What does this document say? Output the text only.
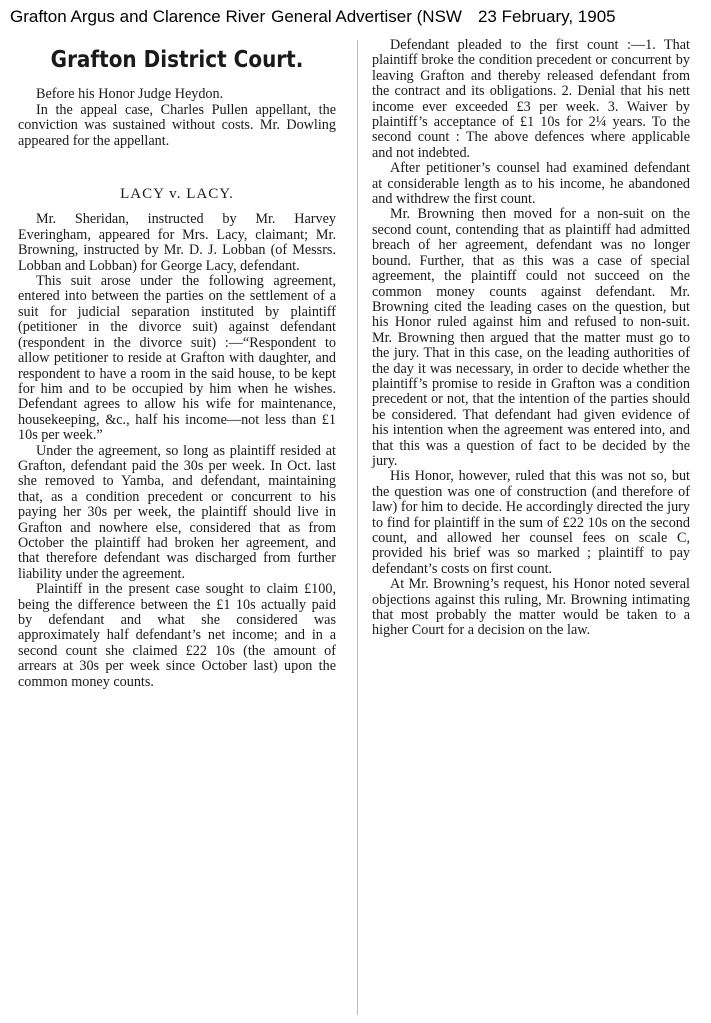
Grafton Argus and Clarence River General Advertiser (NSW 23 February, 1905
Grafton District Court.

Before his Honor Judge Heydon.

In the appeal case, Charles Pullen appellant, the conviction was sustained without costs. Mr. Dowling appeared for the appellant.

LACY v. LACY.

Mr. Sheridan, instructed by Mr. Harvey Everingham, appeared for Mrs. Lacy, claimant; Mr. Browning, instructed by Mr. D. J. Lobban (of Messrs. Lobban and Lobban) for George Lacy, defendant.

This suit arose under the following agreement, entered into between the parties on the settlement of a suit for judicial separation instituted by plaintiff (petitioner in the divorce suit) against defendant (respondent in the divorce suit) :—“Respondent to allow petitioner to reside at Grafton with daughter, and respondent to have a room in the said house, to be kept for him and to be occupied by him when he wishes. Defendant agrees to allow his wife for maintenance, housekeeping, &c., half his income—not less than £1 10s per week.”

Under the agreement, so long as plaintiff resided at Grafton, defendant paid the 30s per week. In Oct. last she removed to Yamba, and defendant, maintaining that, as a condition precedent or concurrent to his paying her 30s per week, the plaintiff should live in Grafton and nowhere else, considered that as from October the plaintiff had broken her agreement, and that therefore defendant was discharged from further liability under the agreement.

Plaintiff in the present case sought to claim £100, being the difference between the £1 10s actually paid by defendant and what she considered was approximately half defendant’s net income; and in a second count she claimed £22 10s (the amount of arrears at 30s per week since October last) upon the common money counts.

Defendant pleaded to the first count :—1. That plaintiff broke the condition precedent or concurrent by leaving Grafton and thereby released defendant from the contract and its obligations. 2. Denial that his nett income ever exceeded £3 per week. 3. Waiver by plaintiff’s acceptance of £1 10s for 2¼ years. To the second count : The above defences where applicable and not indebted.

After petitioner’s counsel had examined defendant at considerable length as to his income, he abandoned and withdrew the first count.

Mr. Browning then moved for a non-suit on the second count, contending that as plaintiff had admitted breach of her agreement, defendant was no longer bound. Further, that as this was a case of special agreement, the plaintiff could not succeed on the common money counts against defendant. Mr. Browning cited the leading cases on the question, but his Honor ruled against him and refused to non-suit. Mr. Browning then argued that the matter must go to the jury. That in this case, on the leading authorities of the day it was necessary, in order to decide whether the plaintiff’s promise to reside in Grafton was a condition precedent or not, that the intention of the parties should be considered. That defendant had given evidence of his intention when the agreement was entered into, and that this was a question of fact to be decided by the jury.

His Honor, however, ruled that this was not so, but the question was one of construction (and therefore of law) for him to decide. He accordingly directed the jury to find for plaintiff in the sum of £22 10s on the second count, and allowed her counsel fees on scale C, provided his brief was so marked ; plaintiff to pay defendant’s costs on first count.

At Mr. Browning’s request, his Honor noted several objections against this ruling, Mr. Browning intimating that most probably the matter would be taken to a higher Court for a decision on the law.
